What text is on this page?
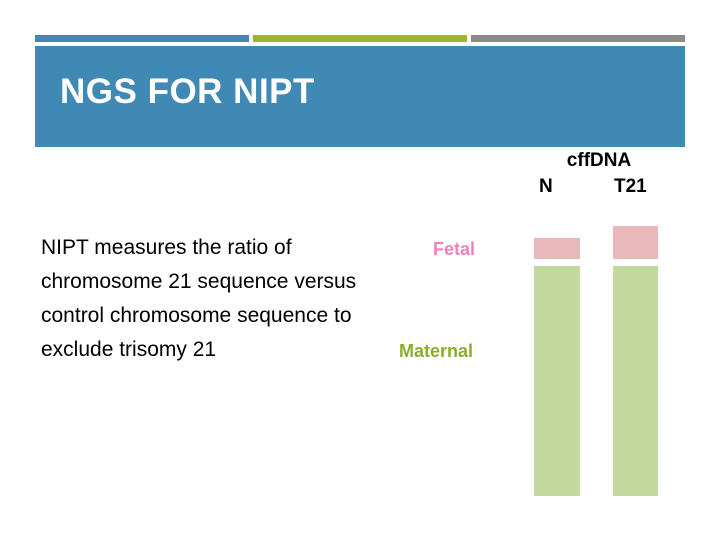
NGS FOR NIPT

NIPT measures the ratio of chromosome 21 sequence versus control chromosome sequence to exclude trisomy 21

cffDNA
N	T21
Fetal
Maternal
